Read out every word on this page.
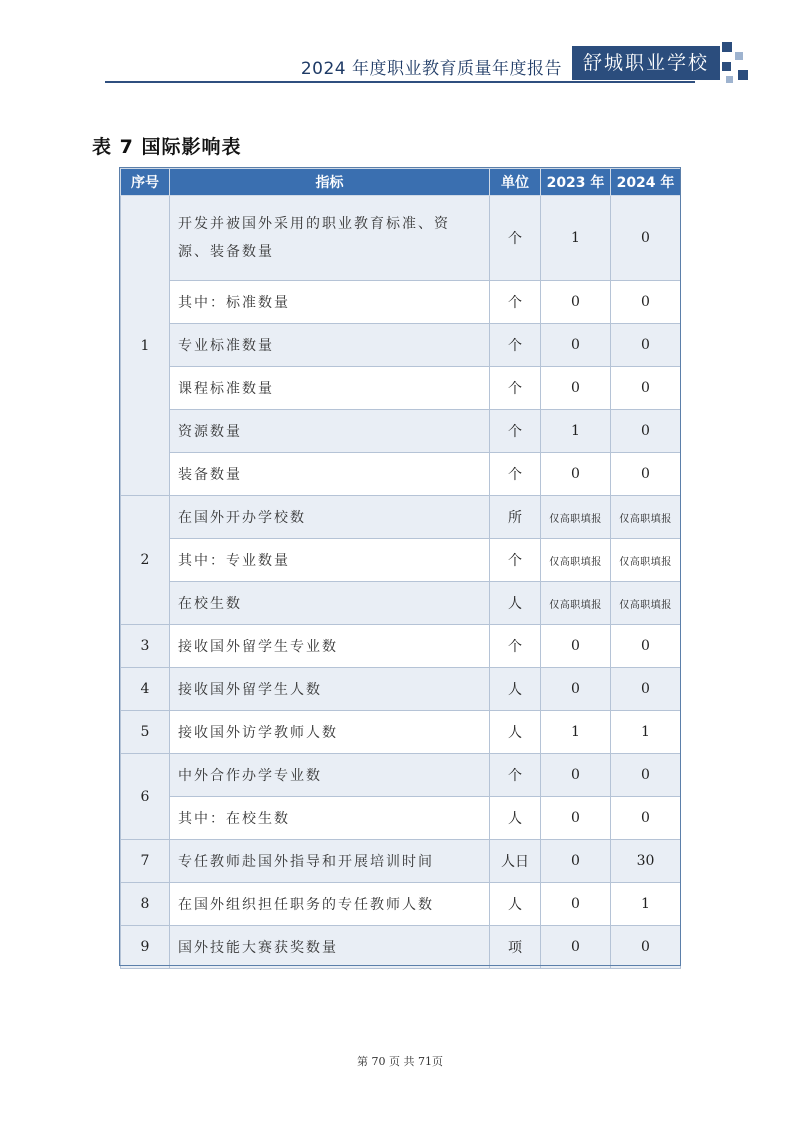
2024 年度职业教育质量年度报告	舒城职业学校
表 7 国际影响表
序号	指标	单位	2023 年	2024 年
1	开发并被国外采用的职业教育标准、资源、装备数量	个	1	0
	其中：标准数量	个	0	0
	专业标准数量	个	0	0
	课程标准数量	个	0	0
	资源数量	个	1	0
	装备数量	个	0	0
2	在国外开办学校数	所	仅高职填报	仅高职填报
	其中：专业数量	个	仅高职填报	仅高职填报
	在校生数	人	仅高职填报	仅高职填报
3	接收国外留学生专业数	个	0	0
4	接收国外留学生人数	人	0	0
5	接收国外访学教师人数	人	1	1
6	中外合作办学专业数	个	0	0
	其中：在校生数	人	0	0
7	专任教师赴国外指导和开展培训时间	人日	0	30
8	在国外组织担任职务的专任教师人数	人	0	1
9	国外技能大赛获奖数量	项	0	0
第 70 页 共 71页
